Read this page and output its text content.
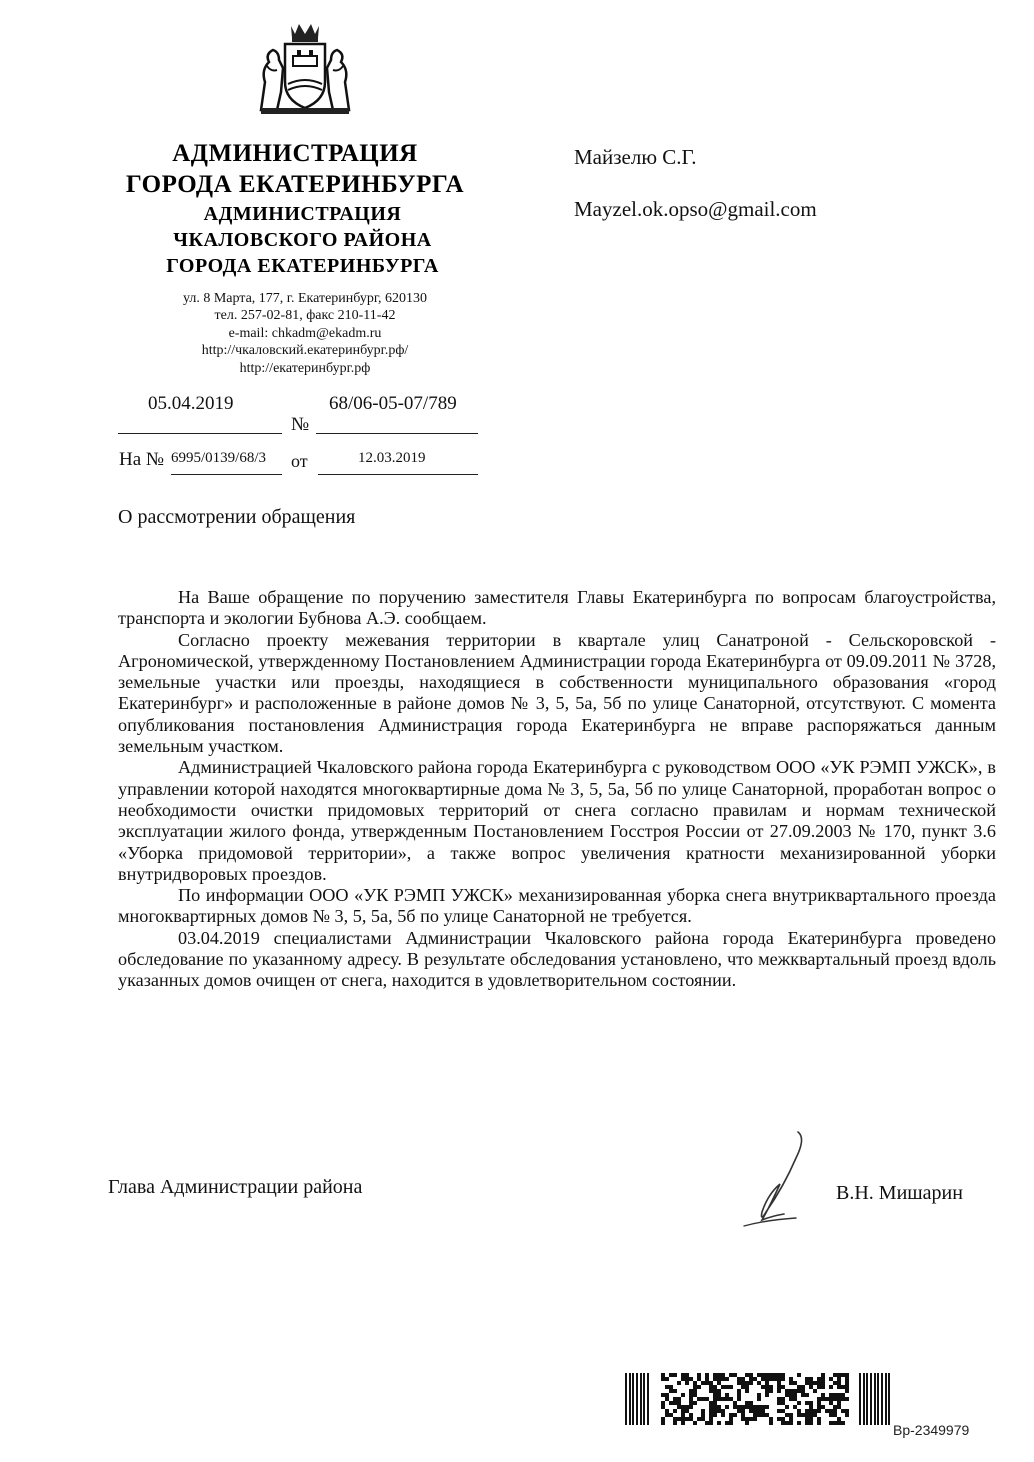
АДМИНИСТРАЦИЯ
ГОРОДА ЕКАТЕРИНБУРГА
АДМИНИСТРАЦИЯ
ЧКАЛОВСКОГО РАЙОНА
ГОРОДА ЕКАТЕРИНБУРГА
ул. 8 Марта, 177, г. Екатеринбург, 620130
тел. 257-02-81, факс 210-11-42
e-mail: chkadm@ekadm.ru
http://чкаловский.екатеринбург.рф/
http://екатеринбург.рф
05.04.2019	68/06-05-07/789
№
На № 6995/0139/68/3 от	12.03.2019
О рассмотрении обращения
Майзелю С.Г.
Mayzel.ok.opso@gmail.com

На Ваше обращение по поручению заместителя Главы Екатеринбурга по вопросам благоустройства, транспорта и экологии Бубнова А.Э. сообщаем.

Согласно проекту межевания территории в квартале улиц Санатроной - Сельскоровской - Агрономической, утвержденному Постановлением Администрации города Екатеринбурга от 09.09.2011 № 3728, земельные участки или проезды, находящиеся в собственности муниципального образования «город Екатеринбург» и расположенные в районе домов № 3, 5, 5а, 5б по улице Санаторной, отсутствуют. С момента опубликования постановления Администрация города Екатеринбурга не вправе распоряжаться данным земельным участком.

Администрацией Чкаловского района города Екатеринбурга с руководством ООО «УК РЭМП УЖСК», в управлении которой находятся многоквартирные дома № 3, 5, 5а, 5б по улице Санаторной, проработан вопрос о необходимости очистки придомовых территорий от снега согласно правилам и нормам технической эксплуатации жилого фонда, утвержденным Постановлением Госстроя России от 27.09.2003 № 170, пункт 3.6 «Уборка придомовой территории», а также вопрос увеличения кратности механизированной уборки внутридворовых проездов.

По информации ООО «УК РЭМП УЖСК» механизированная уборка снега внутриквартального проезда многоквартирных домов № 3, 5, 5а, 5б по улице Санаторной не требуется.

03.04.2019 специалистами Администрации Чкаловского района города Екатеринбурга проведено обследование по указанному адресу. В результате обследования установлено, что межквартальный проезд вдоль указанных домов очищен от снега, находится в удовлетворительном состоянии.

Глава Администрации района	В.Н. Мишарин
Вр-2349979
